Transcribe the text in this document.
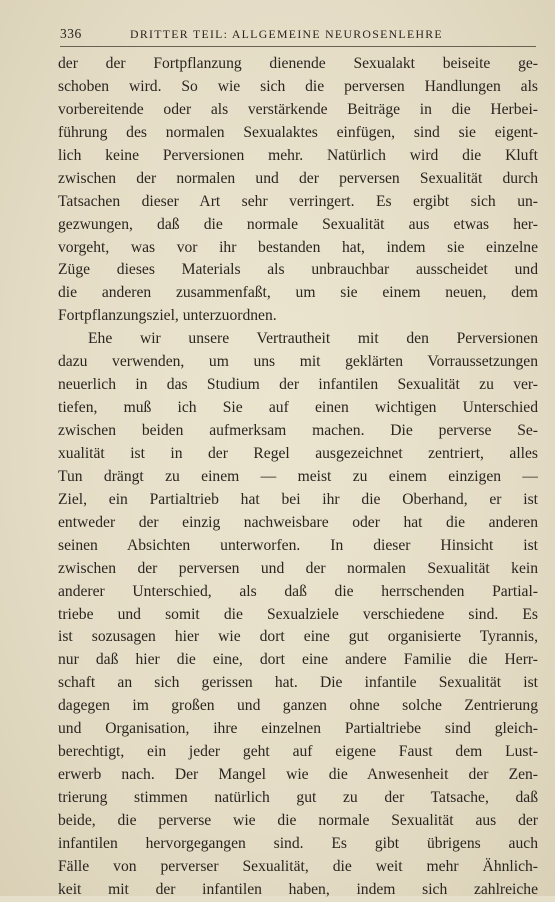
336	DRITTER TEIL: ALLGEMEINE NEUROSENLEHRE
der der Fortpflanzung dienende Sexualakt beiseite ge-
schoben wird. So wie sich die perversen Handlungen als
vorbereitende oder als verstärkende Beiträge in die Herbei-
führung des normalen Sexualaktes einfügen, sind sie eigent-
lich keine Perversionen mehr. Natürlich wird die Kluft
zwischen der normalen und der perversen Sexualität durch
Tatsachen dieser Art sehr verringert. Es ergibt sich un-
gezwungen, daß die normale Sexualität aus etwas her-
vorgeht, was vor ihr bestanden hat, indem sie einzelne
Züge dieses Materials als unbrauchbar ausscheidet und
die anderen zusammenfaßt, um sie einem neuen, dem
Fortpflanzungsziel, unterzuordnen.
Ehe wir unsere Vertrautheit mit den Perversionen
dazu verwenden, um uns mit geklärten Vorraussetzungen
neuerlich in das Studium der infantilen Sexualität zu ver-
tiefen, muß ich Sie auf einen wichtigen Unterschied
zwischen beiden aufmerksam machen. Die perverse Se-
xualität ist in der Regel ausgezeichnet zentriert, alles
Tun drängt zu einem — meist zu einem einzigen —
Ziel, ein Partialtrieb hat bei ihr die Oberhand, er ist
entweder der einzig nachweisbare oder hat die anderen
seinen Absichten unterworfen. In dieser Hinsicht ist
zwischen der perversen und der normalen Sexualität kein
anderer Unterschied, als daß die herrschenden Partial-
triebe und somit die Sexualziele verschiedene sind. Es
ist sozusagen hier wie dort eine gut organisierte Tyrannis,
nur daß hier die eine, dort eine andere Familie die Herr-
schaft an sich gerissen hat. Die infantile Sexualität ist
dagegen im großen und ganzen ohne solche Zentrierung
und Organisation, ihre einzelnen Partialtriebe sind gleich-
berechtigt, ein jeder geht auf eigene Faust dem Lust-
erwerb nach. Der Mangel wie die Anwesenheit der Zen-
trierung stimmen natürlich gut zu der Tatsache, daß
beide, die perverse wie die normale Sexualität aus der
infantilen hervorgegangen sind. Es gibt übrigens auch
Fälle von perverser Sexualität, die weit mehr Ähnlich-
keit mit der infantilen haben, indem sich zahlreiche
